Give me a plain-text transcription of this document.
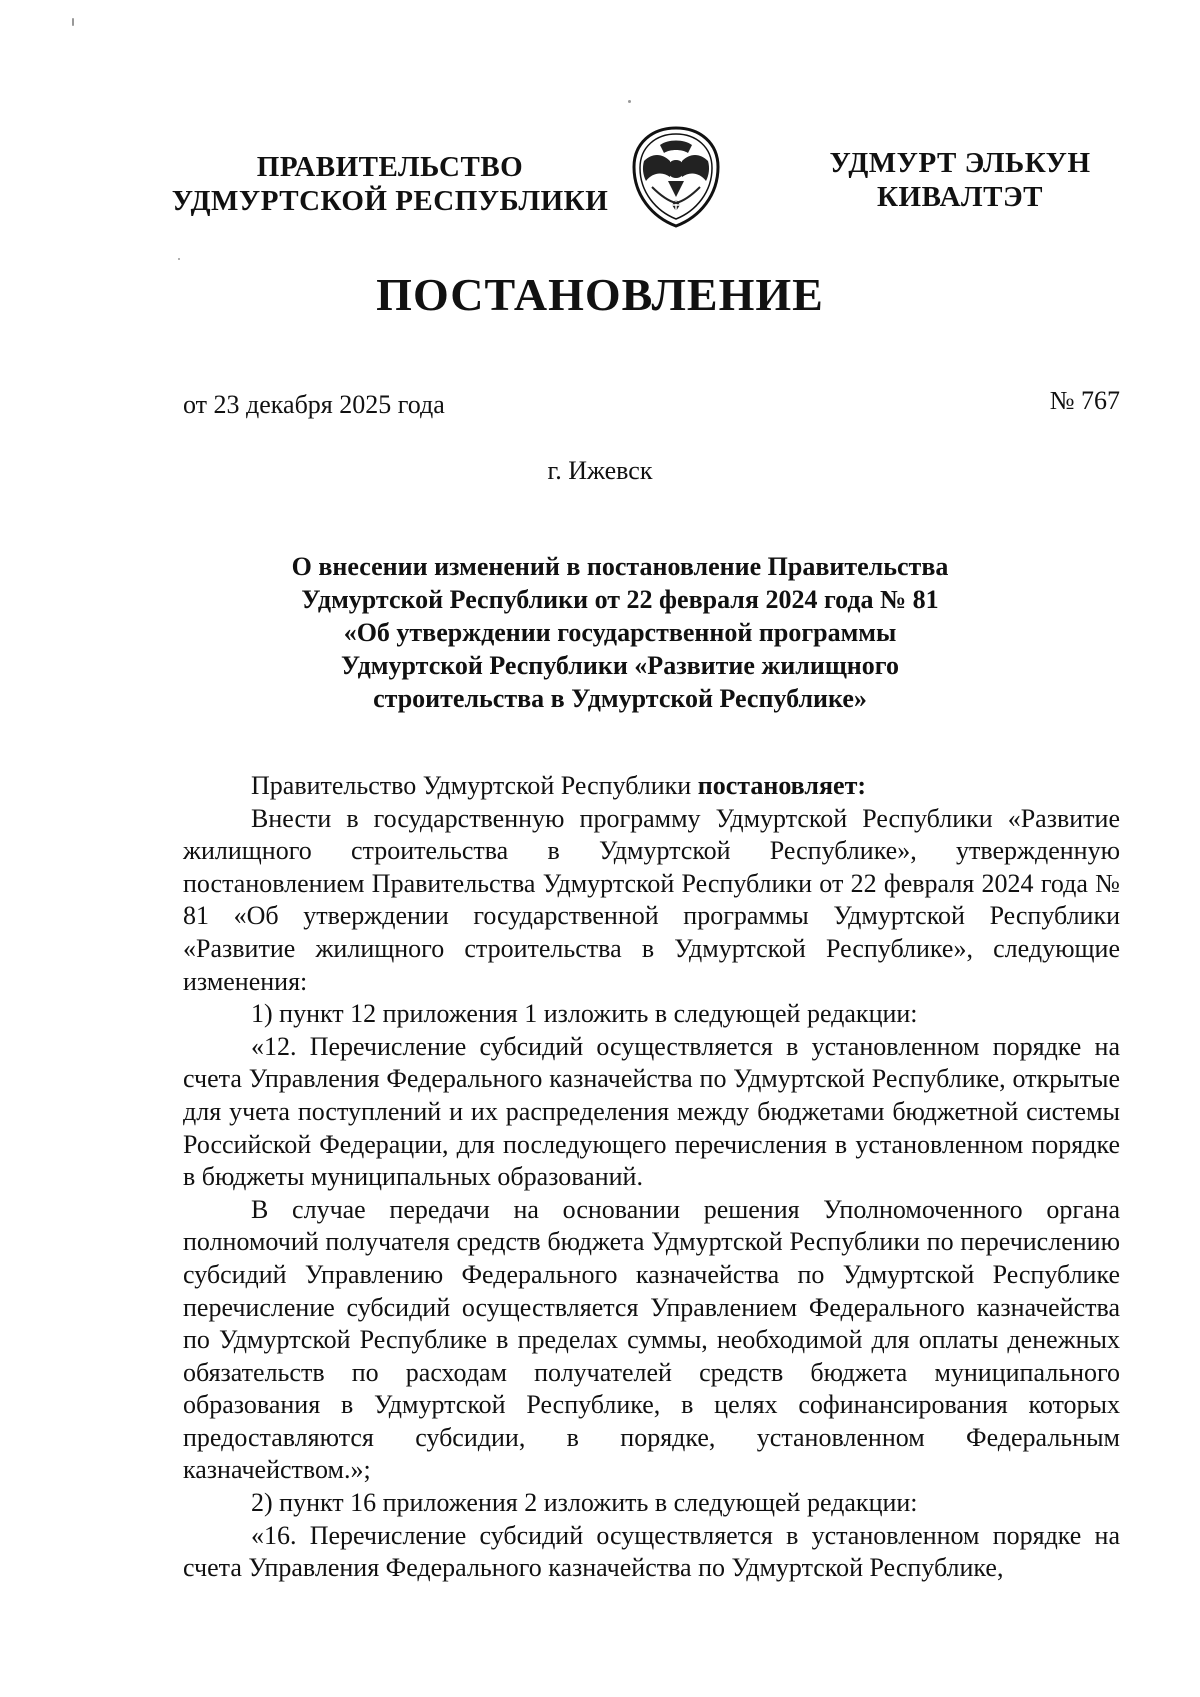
ПРАВИТЕЛЬСТВО
УДМУРТСКОЙ РЕСПУБЛИКИ
УДМУРТ ЭЛЬКУН
КИВАЛТЭТ
ПОСТАНОВЛЕНИЕ
от 23 декабря 2025 года	№ 767
г. Ижевск
О внесении изменений в постановление Правительства
Удмуртской Республики от 22 февраля 2024 года № 81
«Об утверждении государственной программы
Удмуртской Республики «Развитие жилищного
строительства в Удмуртской Республике»

Правительство Удмуртской Республики постановляет:

Внести в государственную программу Удмуртской Республики «Развитие жилищного строительства в Удмуртской Республике», утвержденную постановлением Правительства Удмуртской Республики от 22 февраля 2024 года № 81 «Об утверждении государственной программы Удмуртской Республики «Развитие жилищного строительства в Удмуртской Республике», следующие изменения:

1) пункт 12 приложения 1 изложить в следующей редакции:

«12. Перечисление субсидий осуществляется в установленном порядке на счета Управления Федерального казначейства по Удмуртской Республике, открытые для учета поступлений и их распределения между бюджетами бюджетной системы Российской Федерации, для последующего перечисления в установленном порядке в бюджеты муниципальных образований.

В случае передачи на основании решения Уполномоченного органа полномочий получателя средств бюджета Удмуртской Республики по перечислению субсидий Управлению Федерального казначейства по Удмуртской Республике перечисление субсидий осуществляется Управлением Федерального казначейства по Удмуртской Республике в пределах суммы, необходимой для оплаты денежных обязательств по расходам получателей средств бюджета муниципального образования в Удмуртской Республике, в целях софинансирования которых предоставляются субсидии, в порядке, установленном Федеральным казначейством.»;

2) пункт 16 приложения 2 изложить в следующей редакции:

«16. Перечисление субсидий осуществляется в установленном порядке на счета Управления Федерального казначейства по Удмуртской Республике,
